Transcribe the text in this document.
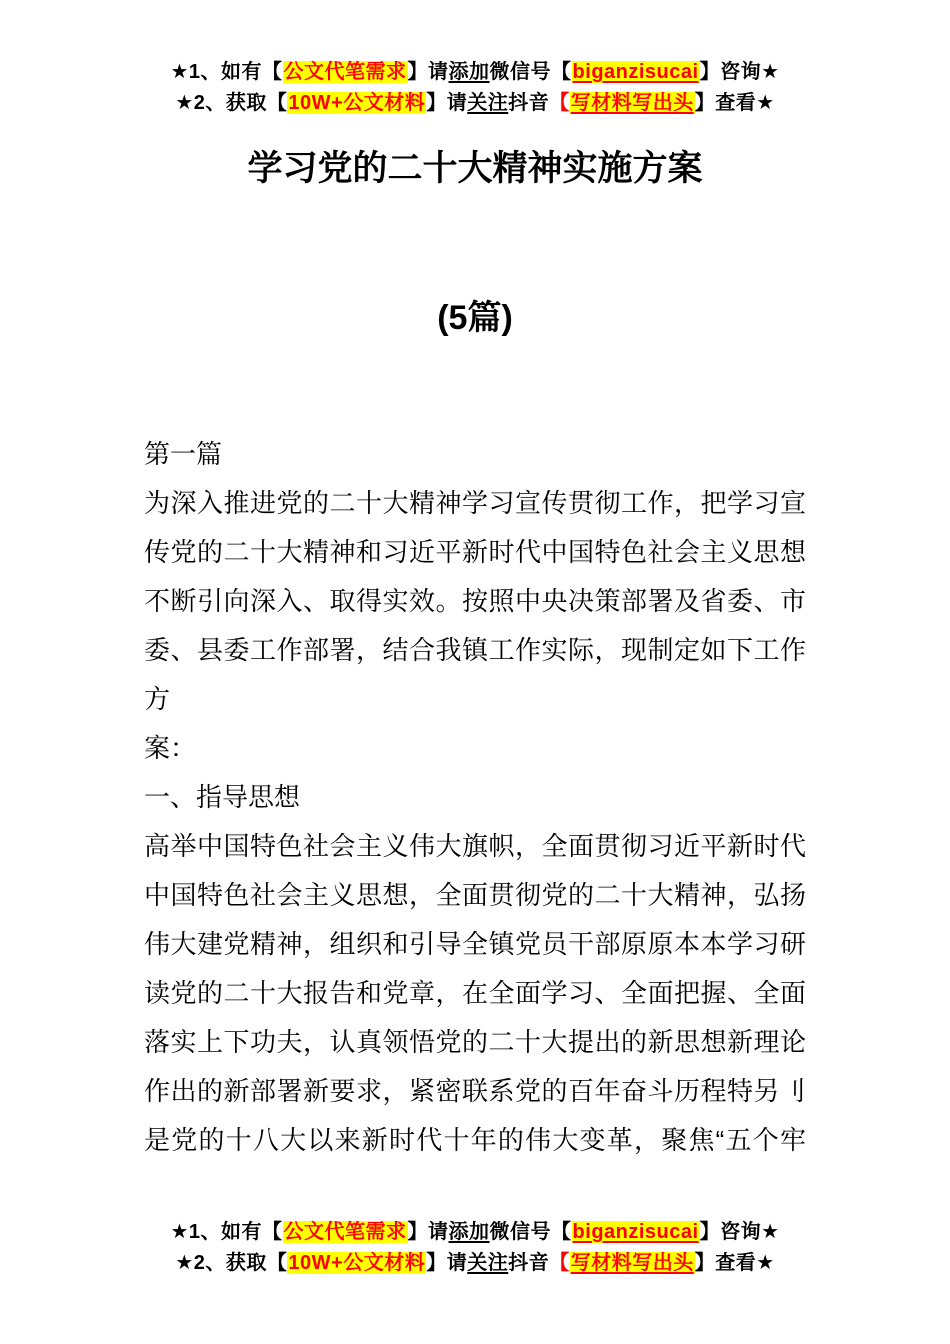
★1、如有【公文代笔需求】请添加微信号【biganzisucai】咨询★
★2、获取【10W+公文材料】请关注抖音【写材料写出头】查看★
学习党的二十大精神实施方案
(5篇)
第一篇
为深入推进党的二十大精神学习宣传贯彻工作，把学习宣
传党的二十大精神和习近平新时代中国特色社会主义思想
不断引向深入、取得实效。按照中央决策部署及省委、市
委、县委工作部署，结合我镇工作实际，现制定如下工作
方
案：
一、指导思想
高举中国特色社会主义伟大旗帜，全面贯彻习近平新时代
中国特色社会主义思想，全面贯彻党的二十大精神，弘扬
伟大建党精神，组织和引导全镇党员干部原原本本学习研
读党的二十大报告和党章，在全面学习、全面把握、全面
落实上下功夫，认真领悟党的二十大提出的新思想新理论
作出的新部署新要求，紧密联系党的百年奋斗历程特另刂
是党的十八大以来新时代十年的伟大变革，聚焦“五个牢
★1、如有【公文代笔需求】请添加微信号【biganzisucai】咨询★
★2、获取【10W+公文材料】请关注抖音【写材料写出头】查看★
